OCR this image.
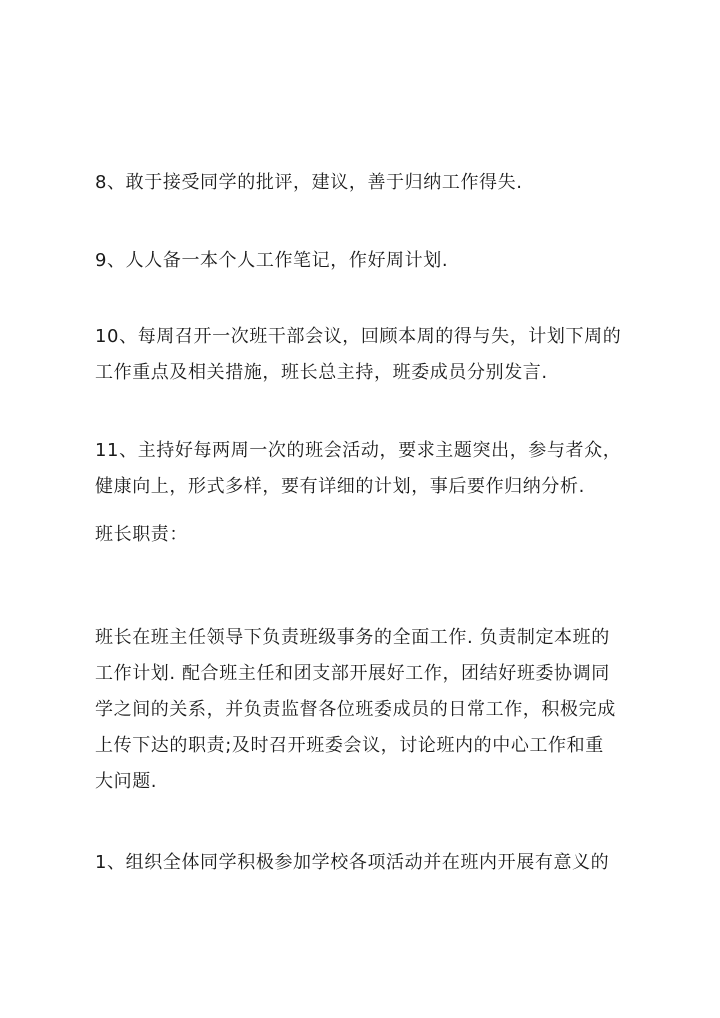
8、敢于接受同学的批评，建议，善于归纳工作得失.

9、人人备一本个人工作笔记，作好周计划.

10、每周召开一次班干部会议，回顾本周的得与失，计划下周的
工作重点及相关措施，班长总主持，班委成员分别发言.

11、主持好每两周一次的班会活动，要求主题突出，参与者众，
健康向上，形式多样，要有详细的计划，事后要作归纳分析.

班长职责：

班长在班主任领导下负责班级事务的全面工作. 负责制定本班的
工作计划. 配合班主任和团支部开展好工作，团结好班委协调同
学之间的关系，并负责监督各位班委成员的日常工作，积极完成
上传下达的职责;及时召开班委会议，讨论班内的中心工作和重
大问题.

1、组织全体同学积极参加学校各项活动并在班内开展有意义的
